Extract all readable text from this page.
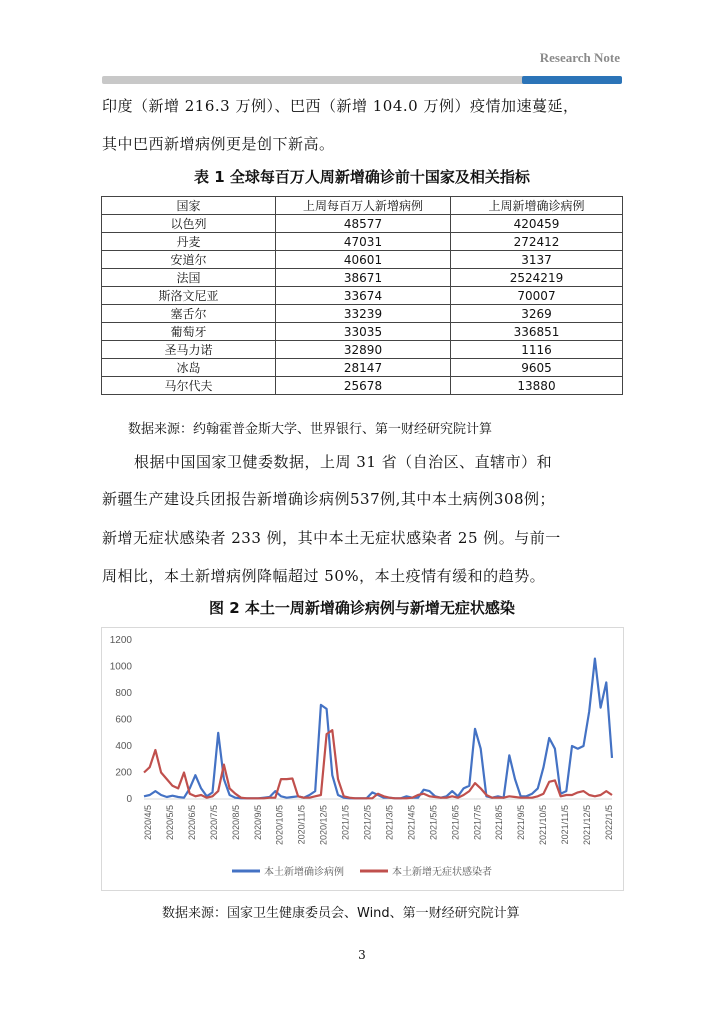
Research Note
印度（新增 216.3 万例）、巴西（新增 104.0 万例）疫情加速蔓延，
其中巴西新增病例更是创下新高。
表 1 全球每百万人周新增确诊前十国家及相关指标
国家	上周每百万人新增病例	上周新增确诊病例
以色列	48577	420459
丹麦	47031	272412
安道尔	40601	3137
法国	38671	2524219
斯洛文尼亚	33674	70007
塞舌尔	33239	3269
葡萄牙	33035	336851
圣马力诺	32890	1116
冰岛	28147	9605
马尔代夫	25678	13880
数据来源：约翰霍普金斯大学、世界银行、第一财经研究院计算
根据中国国家卫健委数据，上周 31 省（自治区、直辖市）和
新疆生产建设兵团报告新增确诊病例537例,其中本土病例308例；
新增无症状感染者 233 例，其中本土无症状感染者 25 例。与前一
周相比，本土新增病例降幅超过 50%，本土疫情有缓和的趋势。
图 2 本土一周新增确诊病例与新增无症状感染
0
200
400
600
800
1000
1200
2020/4/5 2020/5/5 2020/6/5 2020/7/5 2020/8/5 2020/9/5 2020/10/5 2020/11/5 2020/12/5 2021/1/5 2021/2/5 2021/3/5 2021/4/5 2021/5/5 2021/6/5 2021/7/5 2021/8/5 2021/9/5 2021/10/5 2021/11/5 2021/12/5 2022/1/5
本土新增确诊病例	本土新增无症状感染者
数据来源：国家卫生健康委员会、Wind、第一财经研究院计算
3
